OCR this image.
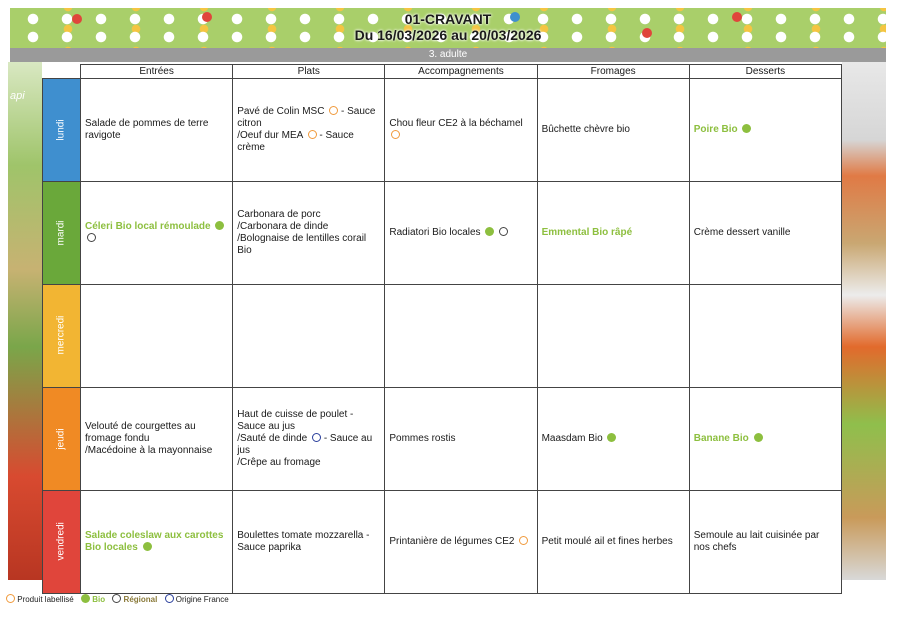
01-CRAVANT
Du 16/03/2026 au 20/03/2026
3. adulte
api
	Entrées	Plats	Accompagnements	Fromages	Desserts

lundi	Salade de pommes de terre ravigote	Pavé de Colin MSC - Sauce citron
/Oeuf dur MEA - Sauce crème	Chou fleur CE2 à la béchamel	Bûchette chèvre bio	Poire Bio

mardi	Céleri Bio local rémoulade	Carbonara de porc
/Carbonara de dinde
/Bolognaise de lentilles corail Bio	Radiatori Bio locales	Emmental Bio râpé	Crème dessert vanille

mercredi					

jeudi	Velouté de courgettes au fromage fondu
/Macédoine à la mayonnaise	Haut de cuisse de poulet - Sauce au jus
/Sauté de dinde - Sauce au jus
/Crêpe au fromage	Pommes rostis	Maasdam Bio	Banane Bio

vendredi	Salade coleslaw aux carottes Bio locales	Boulettes tomate mozzarella - Sauce paprika	Printanière de légumes CE2	Petit moulé ail et fines herbes	Semoule au lait cuisinée par nos chefs
Produit labellisé Bio Régional Origine France
